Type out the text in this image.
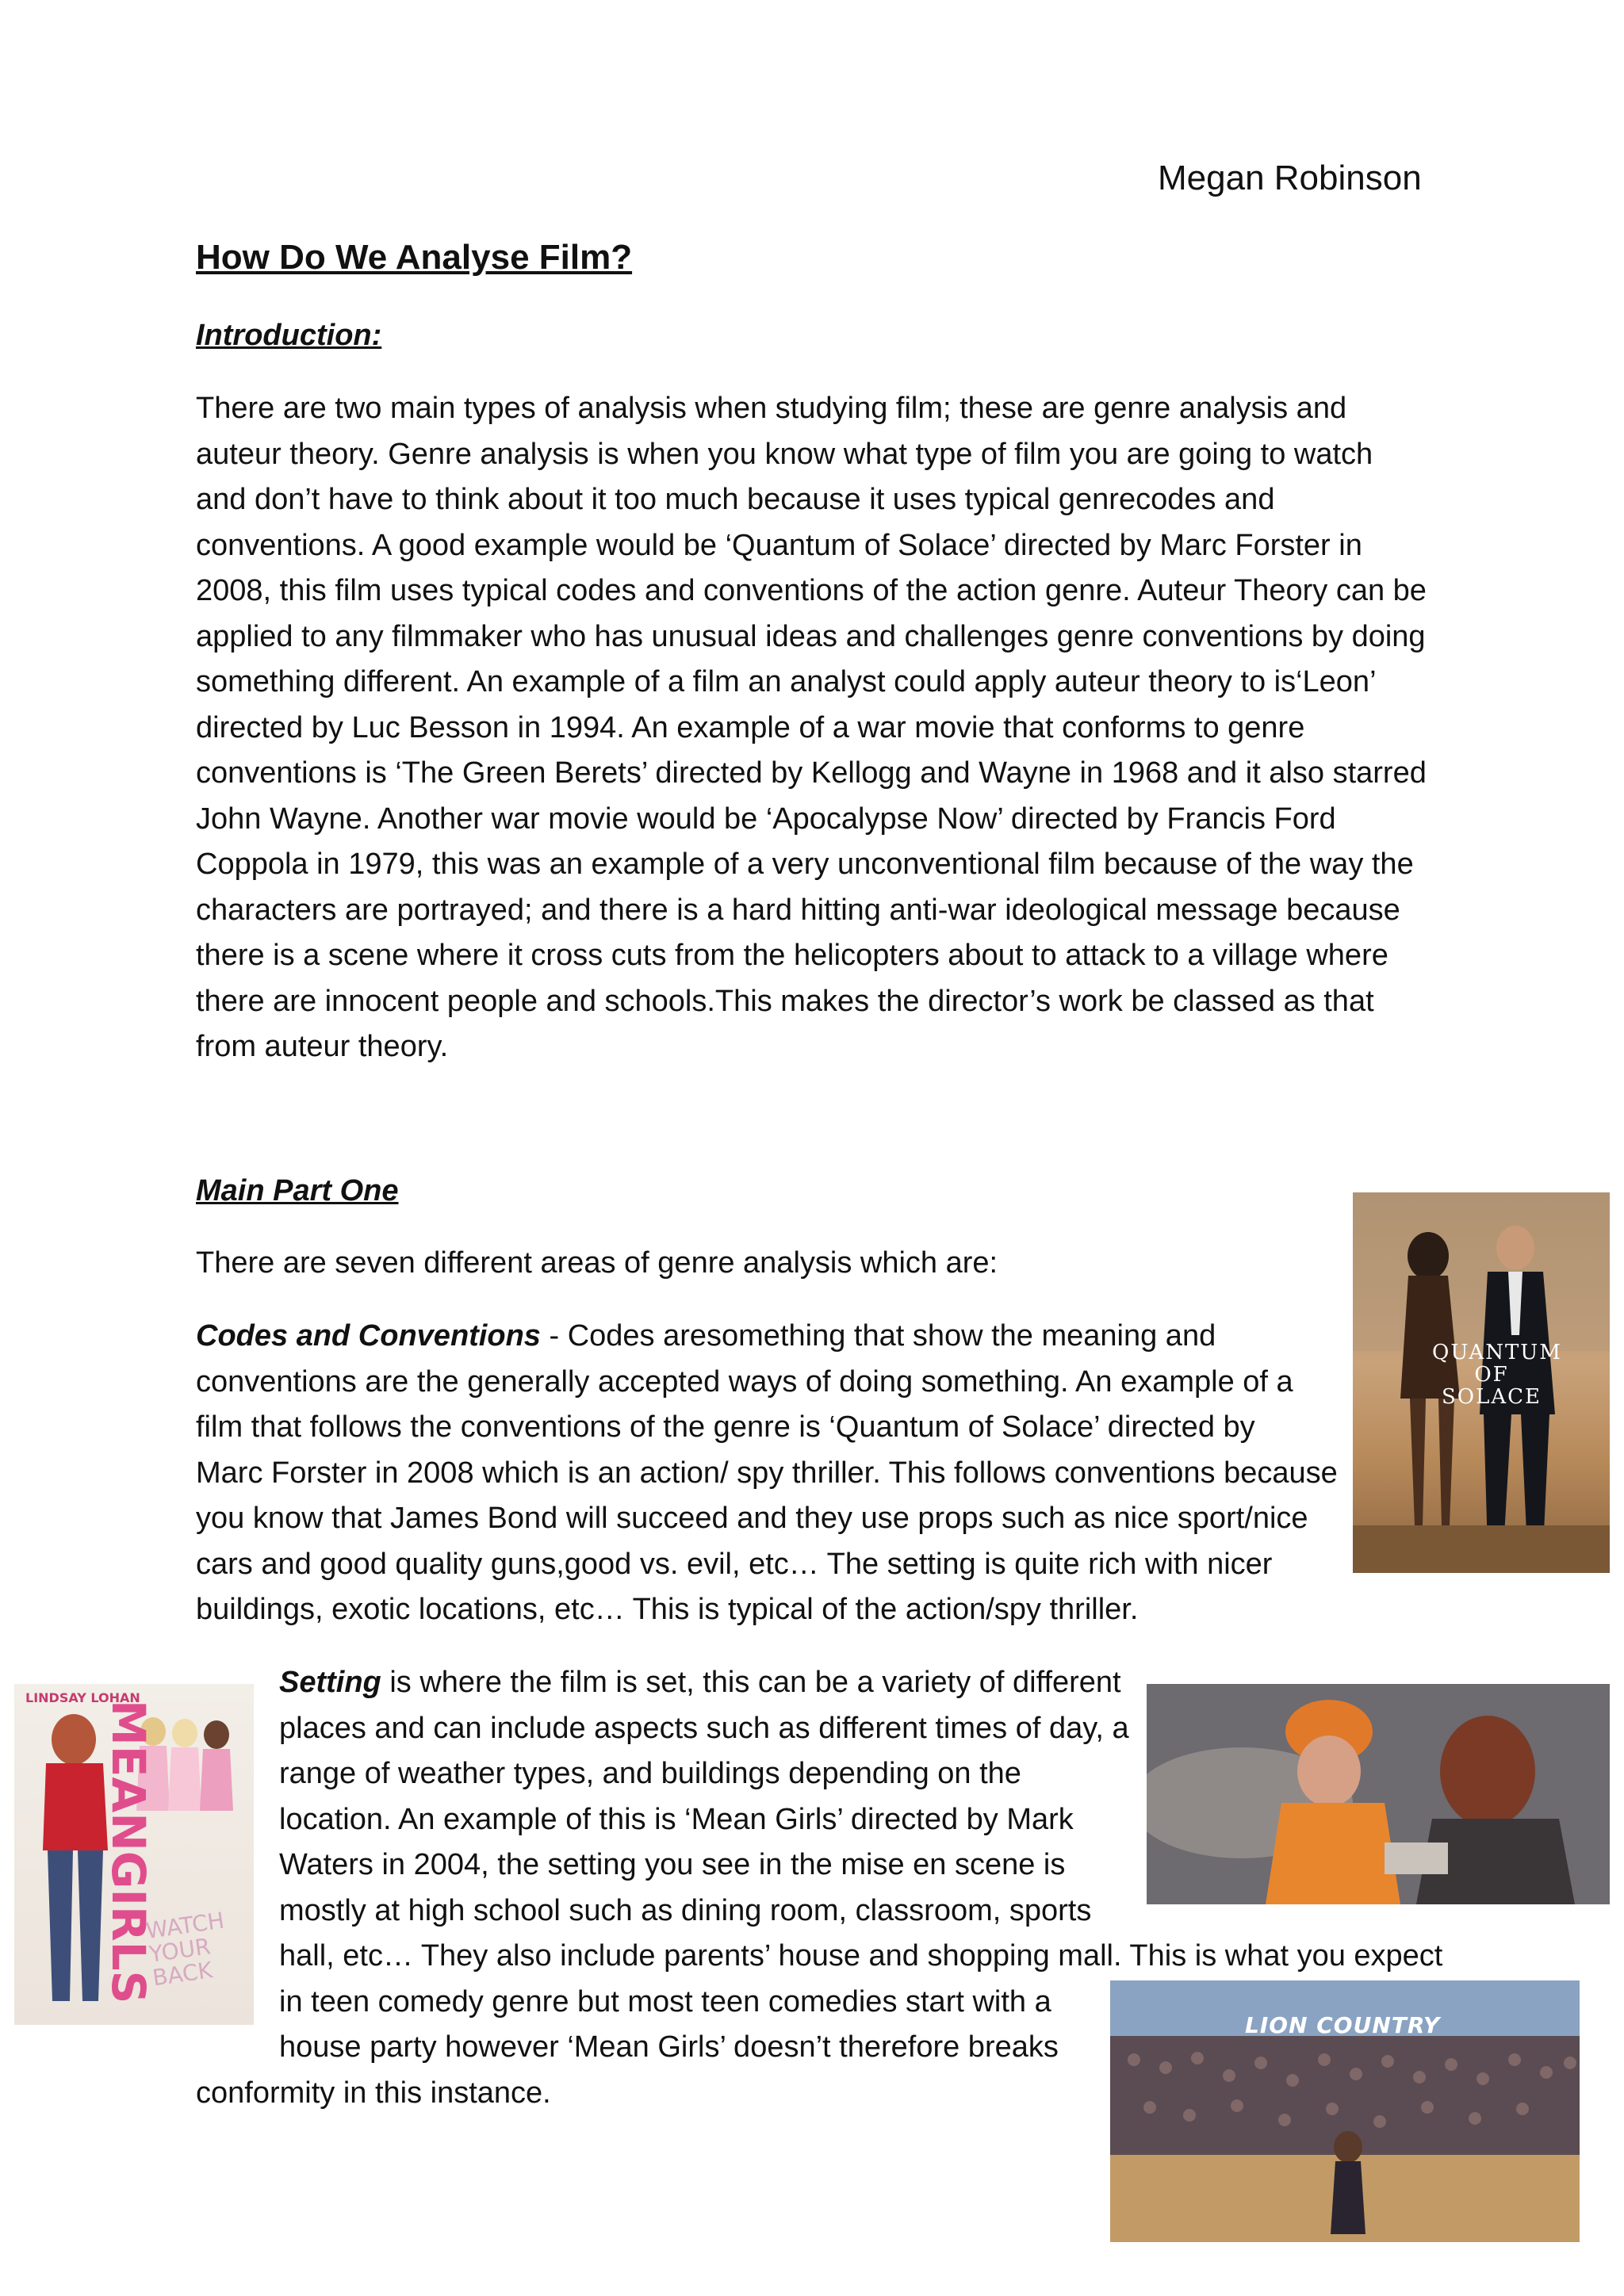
Megan Robinson
How Do We Analyse Film?
Introduction:
There are two main types of analysis when studying film; these are genre analysis and
auteur theory. Genre analysis is when you know what type of film you are going to watch
and don’t have to think about it too much because it uses typical genrecodes and
conventions. A good example would be ‘Quantum of Solace’ directed by Marc Forster in
2008, this film uses typical codes and conventions of the action genre. Auteur Theory can be
applied to any filmmaker who has unusual ideas and challenges genre conventions by doing
something different. An example of a film an analyst could apply auteur theory to is‘Leon’
directed by Luc Besson in 1994. An example of a war movie that conforms to genre
conventions is ‘The Green Berets’ directed by Kellogg and Wayne in 1968 and it also starred
John Wayne. Another war movie would be ‘Apocalypse Now’ directed by Francis Ford
Coppola in 1979, this was an example of a very unconventional film because of the way the
characters are portrayed; and there is a hard hitting anti-war ideological message because
there is a scene where it cross cuts from the helicopters about to attack to a village where
there are innocent people and schools.This makes the director’s work be classed as that
from auteur theory.
Main Part One
There are seven different areas of genre analysis which are:
Codes and Conventions - Codes aresomething that show the meaning and
conventions are the generally accepted ways of doing something. An example of a
film that follows the conventions of the genre is ‘Quantum of Solace’ directed by
Marc Forster in 2008 which is an action/ spy thriller. This follows conventions because
you know that James Bond will succeed and they use props such as nice sport/nice
cars and good quality guns,good vs. evil, etc… The setting is quite rich with nicer
buildings, exotic locations, etc… This is typical of the action/spy thriller.
Setting is where the film is set, this can be a variety of different
places and can include aspects such as different times of day, a
range of weather types, and buildings depending on the
location. An example of this is ‘Mean Girls’ directed by Mark
Waters in 2004, the setting you see in the mise en scene is
mostly at high school such as dining room, classroom, sports
hall, etc… They also include parents’ house and shopping mall. This is what you expect
in teen comedy genre but most teen comedies start with a
house party however ‘Mean Girls’ doesn’t therefore breaks
conformity in this instance.
QUANTUM
OF
SOLACE
LINDSAY LOHAN
MEANGIRLS
WATCH
YOUR
BACK
LION COUNTRY
